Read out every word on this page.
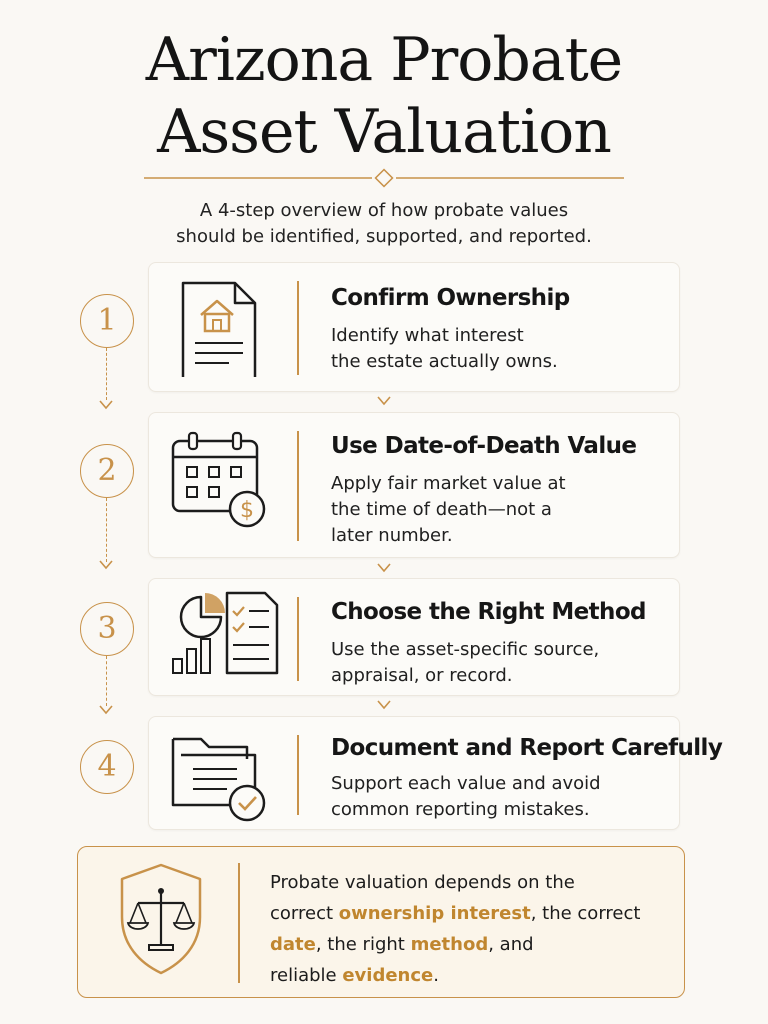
Arizona Probate
Asset Valuation
A 4-step overview of how probate values
should be identified, supported, and reported.
1
2
3
4
Confirm Ownership
Identify what interest
the estate actually owns.
$
Use Date-of-Death Value
Apply fair market value at
the time of death—not a
later number.
Choose the Right Method
Use the asset-specific source,
appraisal, or record.
Document and Report Carefully
Support each value and avoid
common reporting mistakes.
Probate valuation depends on the
correct ownership interest, the correct
date, the right method, and
reliable evidence.
